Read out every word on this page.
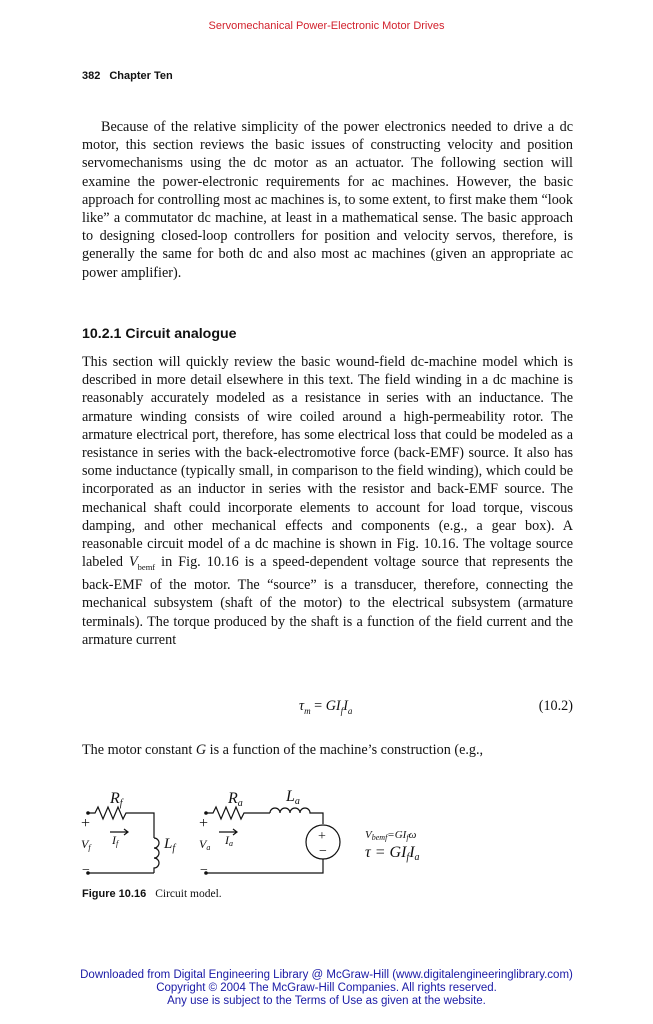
Servomechanical Power-Electronic Motor Drives
382 Chapter Ten

Because of the relative simplicity of the power electronics needed to drive a dc motor, this section reviews the basic issues of constructing velocity and position servomechanisms using the dc motor as an actuator. The following section will examine the power-electronic requirements for ac machines. However, the basic approach for controlling most ac machines is, to some extent, to first make them “look like” a commutator dc machine, at least in a mathematical sense. The basic approach to designing closed-loop controllers for position and velocity servos, therefore, is generally the same for both dc and also most ac machines (given an appropriate ac power amplifier).

10.2.1 Circuit analogue

This section will quickly review the basic wound-field dc-machine model which is described in more detail elsewhere in this text. The field winding in a dc machine is reasonably accurately modeled as a resistance in series with an inductance. The armature winding consists of wire coiled around a high-permeability rotor. The armature electrical port, therefore, has some electrical loss that could be modeled as a resistance in series with the back-electromotive force (back-EMF) source. It also has some inductance (typically small, in comparison to the field winding), which could be incorporated as an inductor in series with the resistor and back-EMF source. The mechanical shaft could incorporate elements to account for load torque, viscous damping, and other mechanical effects and components (e.g., a gear box). A reasonable circuit model of a dc machine is shown in Fig. 10.16. The voltage source labeled $V_{bemf}$ in Fig. 10.16 is a speed-dependent voltage source that represents the back-EMF of the motor. The “source” is a transducer, therefore, connecting the mechanical subsystem (shaft of the motor) to the electrical subsystem (armature terminals). The torque produced by the shaft is a function of the field current and the armature current

$\tau_m = GI_fI_a$	(10.2)

The motor constant G is a function of the machine’s construction (e.g.,

Rf
+
If
Vf
−
$L_f$
Ra	La
+
Ia
Va
−
+
−
Vbemf=GIfω
τ = GIfIa
Figure 10.16 Circuit model.
Downloaded from Digital Engineering Library @ McGraw-Hill (www.digitalengineeringlibrary.com)
Copyright © 2004 The McGraw-Hill Companies. All rights reserved.
Any use is subject to the Terms of Use as given at the website.
